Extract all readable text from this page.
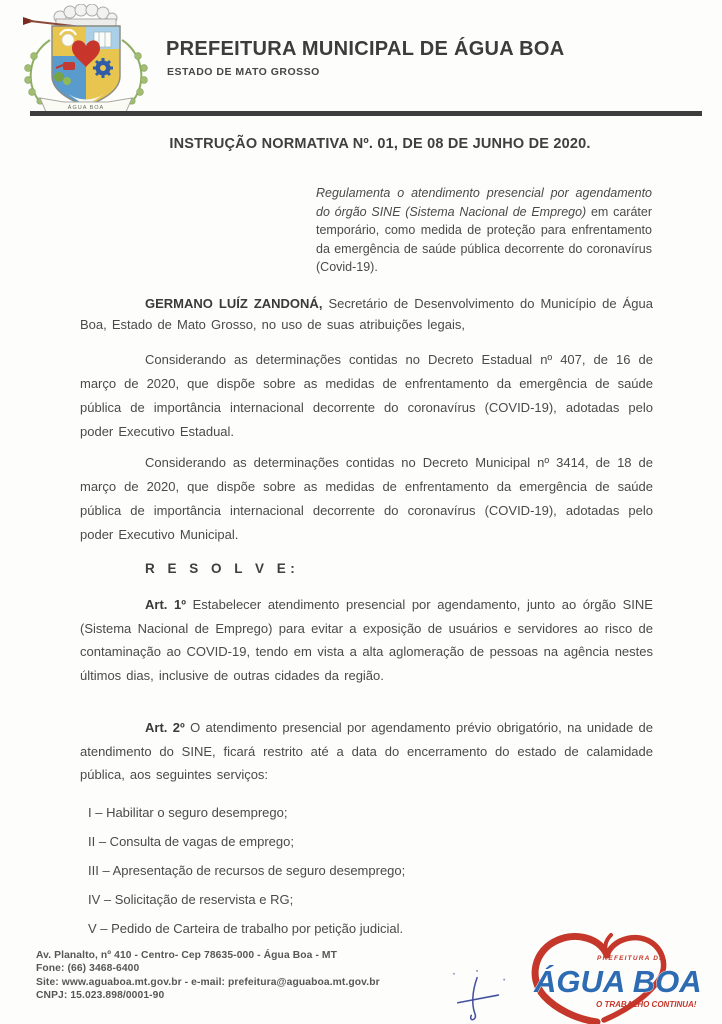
ÁGUA BOA
PREFEITURA MUNICIPAL DE ÁGUA BOA
ESTADO DE MATO GROSSO
INSTRUÇÃO NORMATIVA Nº. 01, DE 08 DE JUNHO DE 2020.
Regulamenta o atendimento presencial por agendamento do órgão SINE (Sistema Nacional de Emprego) em caráter temporário, como medida de proteção para enfrentamento da emergência de saúde pública decorrente do coronavírus (Covid-19).

GERMANO LUÍZ ZANDONÁ, Secretário de Desenvolvimento do Município de Água Boa, Estado de Mato Grosso, no uso de suas atribuições legais,

Considerando as determinações contidas no Decreto Estadual nº 407, de 16 de março de 2020, que dispõe sobre as medidas de enfrentamento da emergência de saúde pública de importância internacional decorrente do coronavírus (COVID-19), adotadas pelo poder Executivo Estadual.

Considerando as determinações contidas no Decreto Municipal nº 3414, de 18 de março de 2020, que dispõe sobre as medidas de enfrentamento da emergência de saúde pública de importância internacional decorrente do coronavírus (COVID-19), adotadas pelo poder Executivo Municipal.

R E S O L V E:

Art. 1º Estabelecer atendimento presencial por agendamento, junto ao órgão SINE (Sistema Nacional de Emprego) para evitar a exposição de usuários e servidores ao risco de contaminação ao COVID-19, tendo em vista a alta aglomeração de pessoas na agência nestes últimos dias, inclusive de outras cidades da região.

Art. 2º O atendimento presencial por agendamento prévio obrigatório, na unidade de atendimento do SINE, ficará restrito até a data do encerramento do estado de calamidade pública, aos seguintes serviços:

I – Habilitar o seguro desemprego;
II – Consulta de vagas de emprego;
III – Apresentação de recursos de seguro desemprego;
IV – Solicitação de reservista e RG;
V – Pedido de Carteira de trabalho por petição judicial.
Av. Planalto, nº 410 - Centro- Cep 78635-000 - Água Boa - MT
Fone: (66) 3468-6400
Site: www.aguaboa.mt.gov.br - e-mail: prefeitura@aguaboa.mt.gov.br
CNPJ: 15.023.898/0001-90
PREFEITURA DE
ÁGUA BOA
O TRABALHO CONTINUA!
